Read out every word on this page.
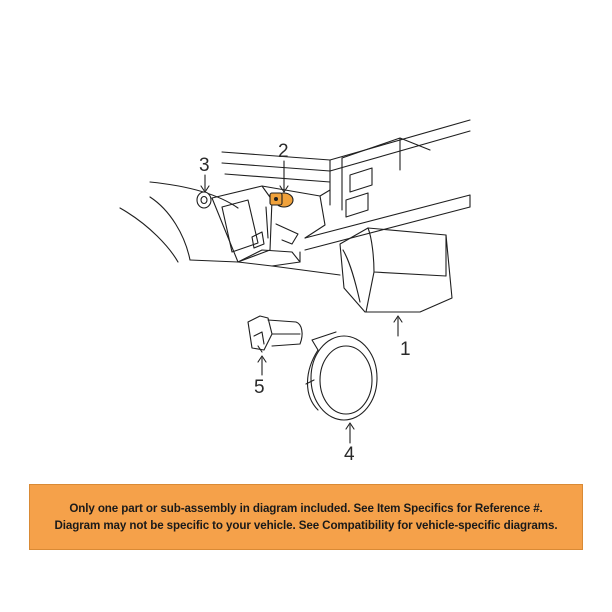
1
2
3
4
5
Only one part or sub-assembly in diagram included. See Item Specifics for Reference #.
Diagram may not be specific to your vehicle. See Compatibility for vehicle-specific diagrams.
